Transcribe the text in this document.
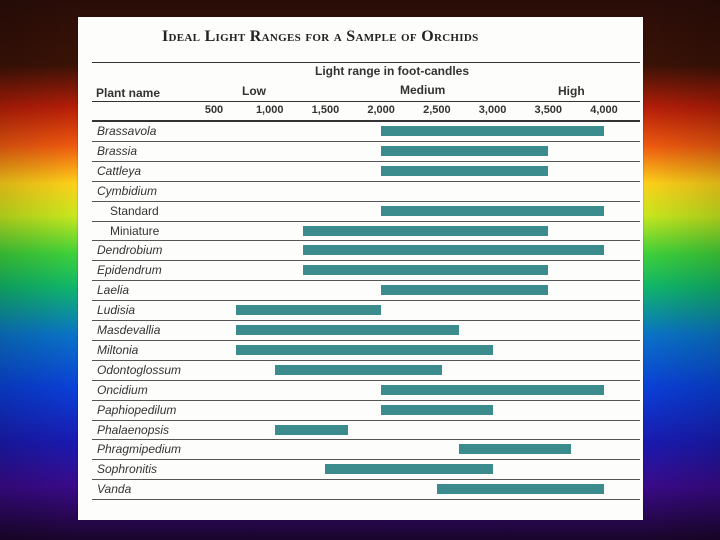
Ideal Light Ranges for a Sample of Orchids
Light range in foot-candles
Plant name	Low	Medium	High
500	1,000	1,500	2,000	2,500	3,000	3,500	4,000
Brassavola
Brassia
Cattleya
Cymbidium
Standard
Miniature
Dendrobium
Epidendrum
Laelia
Ludisia
Masdevallia
Miltonia
Odontoglossum
Oncidium
Paphiopedilum
Phalaenopsis
Phragmipedium
Sophronitis
Vanda
